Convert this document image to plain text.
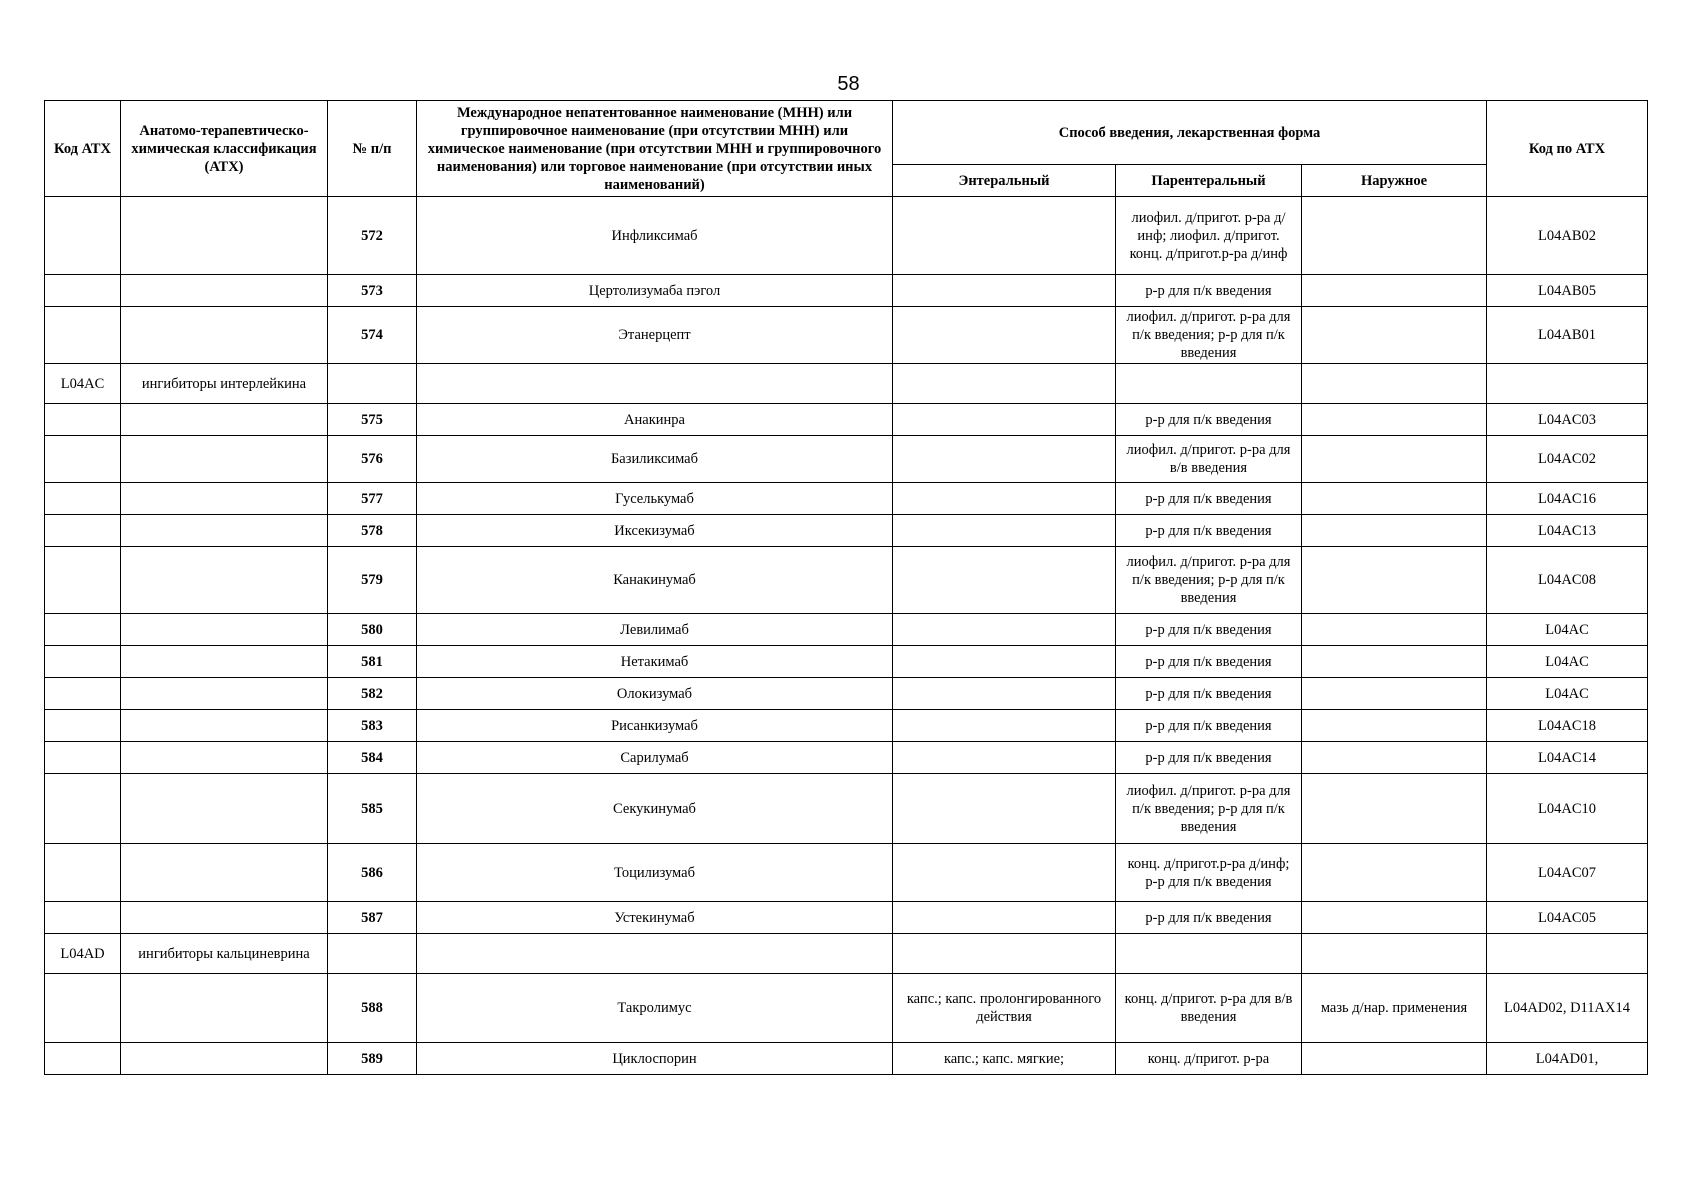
58
Код АТХ	Анатомо-терапевтическо-химическая классификация (АТХ)	№ п/п	Международное непатентованное наименование (МНН) или группировочное наименование (при отсутствии МНН) или химическое наименование (при отсутствии МНН и группировочного наименования) или торговое наименование (при отсутствии иных наименований)	Способ введения, лекарственная форма			Код по АТХ
				Энтеральный	Парентеральный	Наружное	
		572	Инфликсимаб		лиофил. д/пригот. р-ра д/инф; лиофил. д/пригот. конц. д/пригот.р-ра д/инф		L04AB02
		573	Цертолизумаба пэгол		р-р для п/к введения		L04AB05
		574	Этанерцепт		лиофил. д/пригот. р-ра для п/к введения; р-р для п/к введения		L04AB01
L04AC	ингибиторы интерлейкина						
		575	Анакинра		р-р для п/к введения		L04AC03
		576	Базиликсимаб		лиофил. д/пригот. р-ра для в/в введения		L04AC02
		577	Гуселькумаб		р-р для п/к введения		L04AC16
		578	Иксекизумаб		р-р для п/к введения		L04AC13
		579	Канакинумаб		лиофил. д/пригот. р-ра для п/к введения; р-р для п/к введения		L04AC08
		580	Левилимаб		р-р для п/к введения		L04AC
		581	Нетакимаб		р-р для п/к введения		L04AC
		582	Олокизумаб		р-р для п/к введения		L04AC
		583	Рисанкизумаб		р-р для п/к введения		L04AC18
		584	Сарилумаб		р-р для п/к введения		L04AC14
		585	Секукинумаб		лиофил. д/пригот. р-ра для п/к введения; р-р для п/к введения		L04AC10
		586	Тоцилизумаб		конц. д/пригот.р-ра д/инф; р-р для п/к введения		L04AC07
		587	Устекинумаб		р-р для п/к введения		L04AC05
L04AD	ингибиторы кальциневрина						
		588	Такролимус	капс.; капс. пролонгированного действия	конц. д/пригот. р-ра для в/в введения	мазь д/нар. применения	L04AD02, D11AX14
		589	Циклоспорин	капс.; капс. мягкие;	конц. д/пригот. р-ра		L04AD01,
